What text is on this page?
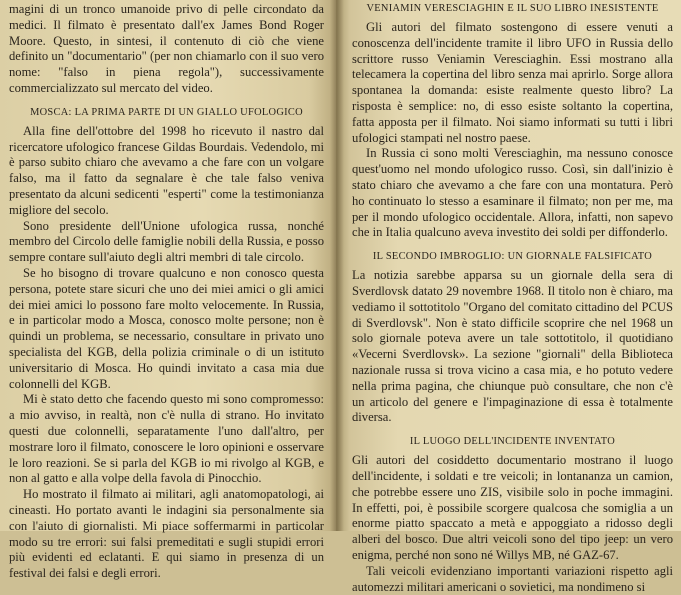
magini di un tronco umanoide privo di pelle circondato da medici. Il filmato è presentato dall'ex James Bond Roger Moore. Questo, in sintesi, il contenuto di ciò che viene definito un "documentario" (per non chiamarlo con il suo vero nome: "falso in piena regola"), successivamente commercializzato sul mercato del video.

MOSCA: LA PRIMA PARTE DI UN GIALLO UFOLOGICO

Alla fine dell'ottobre del 1998 ho ricevuto il nastro dal ricercatore ufologico francese Gildas Bourdais. Vedendolo, mi è parso subito chiaro che avevamo a che fare con un volgare falso, ma il fatto da segnalare è che tale falso veniva presentato da alcuni sedicenti "esperti" come la testimonianza migliore del secolo.

Sono presidente dell'Unione ufologica russa, nonché membro del Circolo delle famiglie nobili della Russia, e posso sempre contare sull'aiuto degli altri membri di tale circolo.

Se ho bisogno di trovare qualcuno e non conosco questa persona, potete stare sicuri che uno dei miei amici o gli amici dei miei amici lo possono fare molto velocemente. In Russia, e in particolar modo a Mosca, conosco molte persone; non è quindi un problema, se necessario, consultare in privato uno specialista del KGB, della polizia criminale o di un istituto universitario di Mosca. Ho quindi invitato a casa mia due colonnelli del KGB.

Mi è stato detto che facendo questo mi sono compromesso: a mio avviso, in realtà, non c'è nulla di strano. Ho invitato questi due colonnelli, separatamente l'uno dall'altro, per mostrare loro il filmato, conoscere le loro opinioni e osservare le loro reazioni. Se si parla del KGB io mi rivolgo al KGB, e non al gatto e alla volpe della favola di Pinocchio.

Ho mostrato il filmato ai militari, agli anatomopatologi, ai cineasti. Ho portato avanti le indagini sia personalmente sia con l'aiuto di giornalisti. Mi piace soffermarmi in particolar modo su tre errori: sui falsi premeditati e sugli stupidi errori più evidenti ed eclatanti. E qui siamo in presenza di un festival dei falsi e degli errori.

VENIAMIN VERESCIAGHIN E IL SUO LIBRO INESISTENTE

Gli autori del filmato sostengono di essere venuti a conoscenza dell'incidente tramite il libro UFO in Russia dello scrittore russo Veniamin Veresciaghin. Essi mostrano alla telecamera la copertina del libro senza mai aprirlo. Sorge allora spontanea la domanda: esiste realmente questo libro? La risposta è semplice: no, di esso esiste soltanto la copertina, fatta apposta per il filmato. Noi siamo informati su tutti i libri ufologici stampati nel nostro paese.

In Russia ci sono molti Veresciaghin, ma nessuno conosce quest'uomo nel mondo ufologico russo. Così, sin dall'inizio è stato chiaro che avevamo a che fare con una montatura. Però ho continuato lo stesso a esaminare il filmato; non per me, ma per il mondo ufologico occidentale. Allora, infatti, non sapevo che in Italia qualcuno aveva investito dei soldi per diffonderlo.

IL SECONDO IMBROGLIO: UN GIORNALE FALSIFICATO

La notizia sarebbe apparsa su un giornale della sera di Sverdlovsk datato 29 novembre 1968. Il titolo non è chiaro, ma vediamo il sottotitolo "Organo del comitato cittadino del PCUS di Sverdlovsk". Non è stato difficile scoprire che nel 1968 un solo giornale poteva avere un tale sottotitolo, il quotidiano «Vecerni Sverdlovsk». La sezione "giornali" della Biblioteca nazionale russa si trova vicino a casa mia, e ho potuto vedere nella prima pagina, che chiunque può consultare, che non c'è un articolo del genere e l'impaginazione di essa è totalmente diversa.

IL LUOGO DELL'INCIDENTE INVENTATO

Gli autori del cosiddetto documentario mostrano il luogo dell'incidente, i soldati e tre veicoli; in lontananza un camion, che potrebbe essere uno ZIS, visibile solo in poche immagini. In effetti, poi, è possibile scorgere qualcosa che somiglia a un enorme piatto spaccato a metà e appoggiato a ridosso degli alberi del bosco. Due altri veicoli sono del tipo jeep: un vero enigma, perché non sono né Willys MB, né GAZ-67.

Tali veicoli evidenziano importanti variazioni rispetto agli automezzi militari americani o sovietici, ma nondimeno si
